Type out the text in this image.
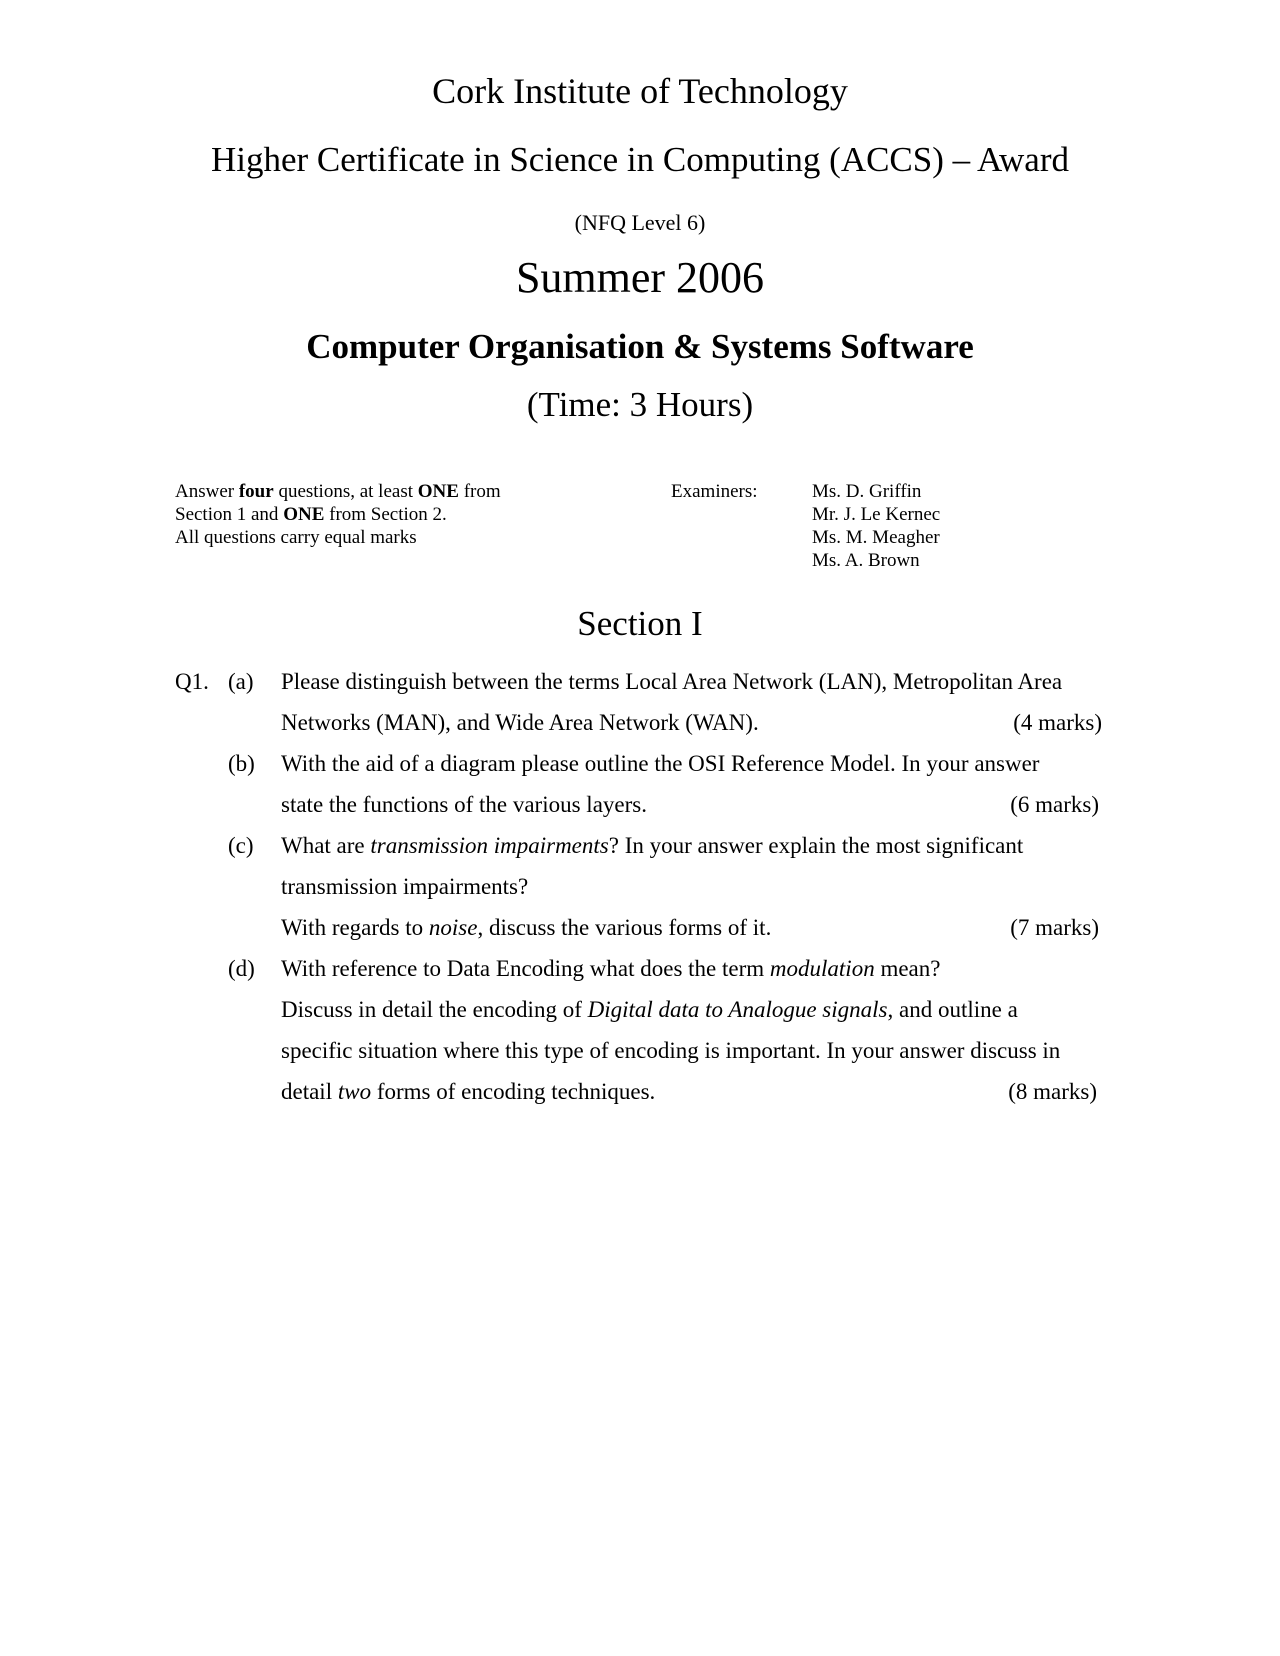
Cork Institute of Technology
Higher Certificate in Science in Computing (ACCS) – Award
(NFQ Level 6)
Summer 2006
Computer Organisation & Systems Software
(Time: 3 Hours)
Answer four questions, at least ONE from
Section 1 and ONE from Section 2.
All questions carry equal marks
Examiners:	Ms. D. Griffin
Mr. J. Le Kernec
Ms. M. Meagher
Ms. A. Brown
Section I
Q1. (a) Please distinguish between the terms Local Area Network (LAN), Metropolitan Area
Networks (MAN), and Wide Area Network (WAN).	(4 marks)
(b) With the aid of a diagram please outline the OSI Reference Model. In your answer
state the functions of the various layers.	(6 marks)
(c) What are transmission impairments? In your answer explain the most significant
transmission impairments?
With regards to noise, discuss the various forms of it.	(7 marks)
(d) With reference to Data Encoding what does the term modulation mean?
Discuss in detail the encoding of Digital data to Analogue signals, and outline a
specific situation where this type of encoding is important. In your answer discuss in
detail two forms of encoding techniques.	(8 marks)
